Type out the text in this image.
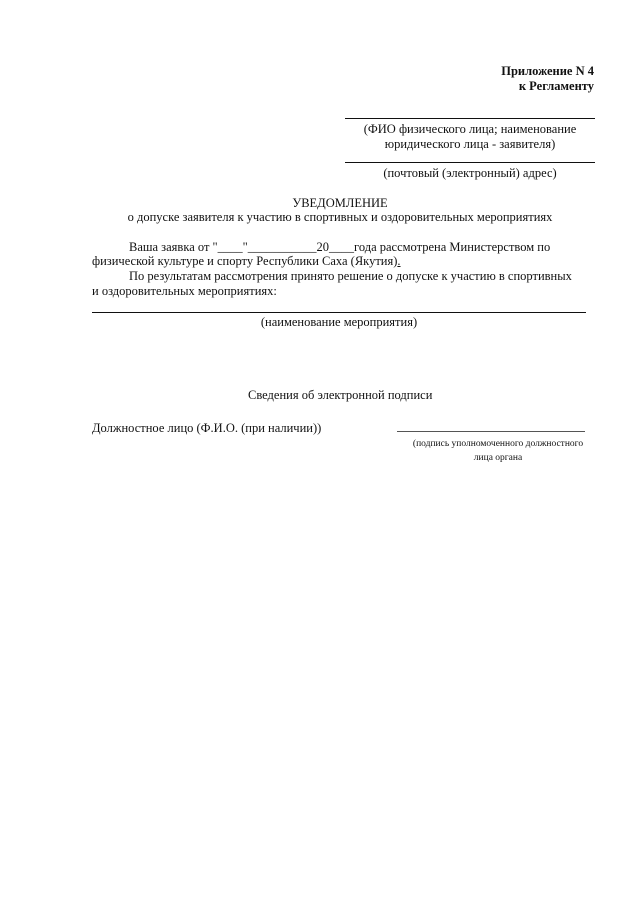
Приложение N 4
к Регламенту
(ФИО физического лица; наименование
юридического лица - заявителя)
(почтовый (электронный) адрес)
УВЕДОМЛЕНИЕ
о допуске заявителя к участию в спортивных и оздоровительных мероприятиях
Ваша заявка от "____"___________20____года рассмотрена Министерством по
физической культуре и спорту Республики Саха (Якутия).
По результатам рассмотрения принято решение о допуске к участию в спортивных
и оздоровительных мероприятиях:
(наименование мероприятия)
Сведения об электронной подписи
Должностное лицо (Ф.И.О. (при наличии))
(подпись уполномоченного должностного
лица органа
